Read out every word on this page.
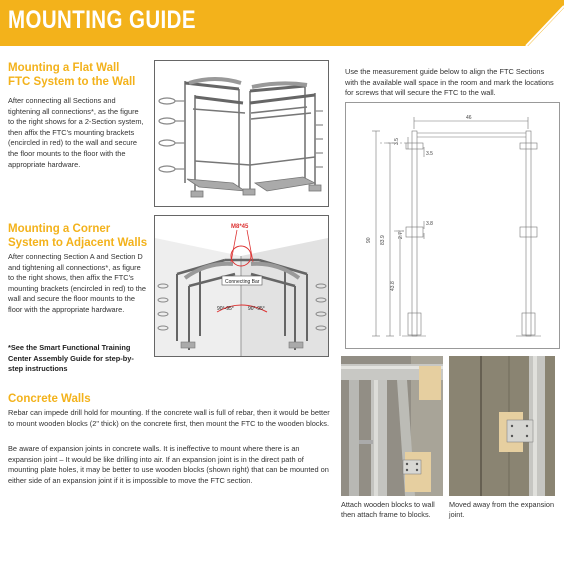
MOUNTING GUIDE
Mounting a Flat Wall
FTC System to the Wall
After connecting all Sections and tightening all connections*, as the figure to the right shows for a 2-Section system, then affix the FTC's mounting brackets (encircled in red) to the wall and secure the floor mounts to the floor with the appropriate hardware.
Mounting a Corner
System to Adjacent Walls
After connecting Section A and Section D and tightening all connections*, as figure to the right shows, then affix the FTC's mounting brackets (encircled in red) to the wall and secure the floor mounts to the floor with the appropriate hardware.
*See the Smart Functional Training Center Assembly Guide for step-by-step instructions
M8*45
Connecting Bar
90°-95°	90°-95°
Use the measurement guide below to align the FTC Sections with the available wall space in the room and mark the locations for screws that will secure the FTC to the wall.
46
3.5
3.5
90 83.9
3.8
2.7
43.8
Concrete Walls
Rebar can impede drill hold for mounting. If the concrete wall is full of rebar, then it would be better to mount wooden blocks (2" thick) on the concrete first, then mount the FTC to the wooden blocks.
Be aware of expansion joints in concrete walls. It is ineffective to mount where there is an expansion joint – It would be like drilling into air. If an expansion joint is in the direct path of mounting plate holes, it may be better to use wooden blocks (shown right) that can be mounted on either side of an expansion joint if it is impossible to move the FTC section.
Attach wooden blocks to wall then attach frame to blocks.
Moved away from the expansion joint.
